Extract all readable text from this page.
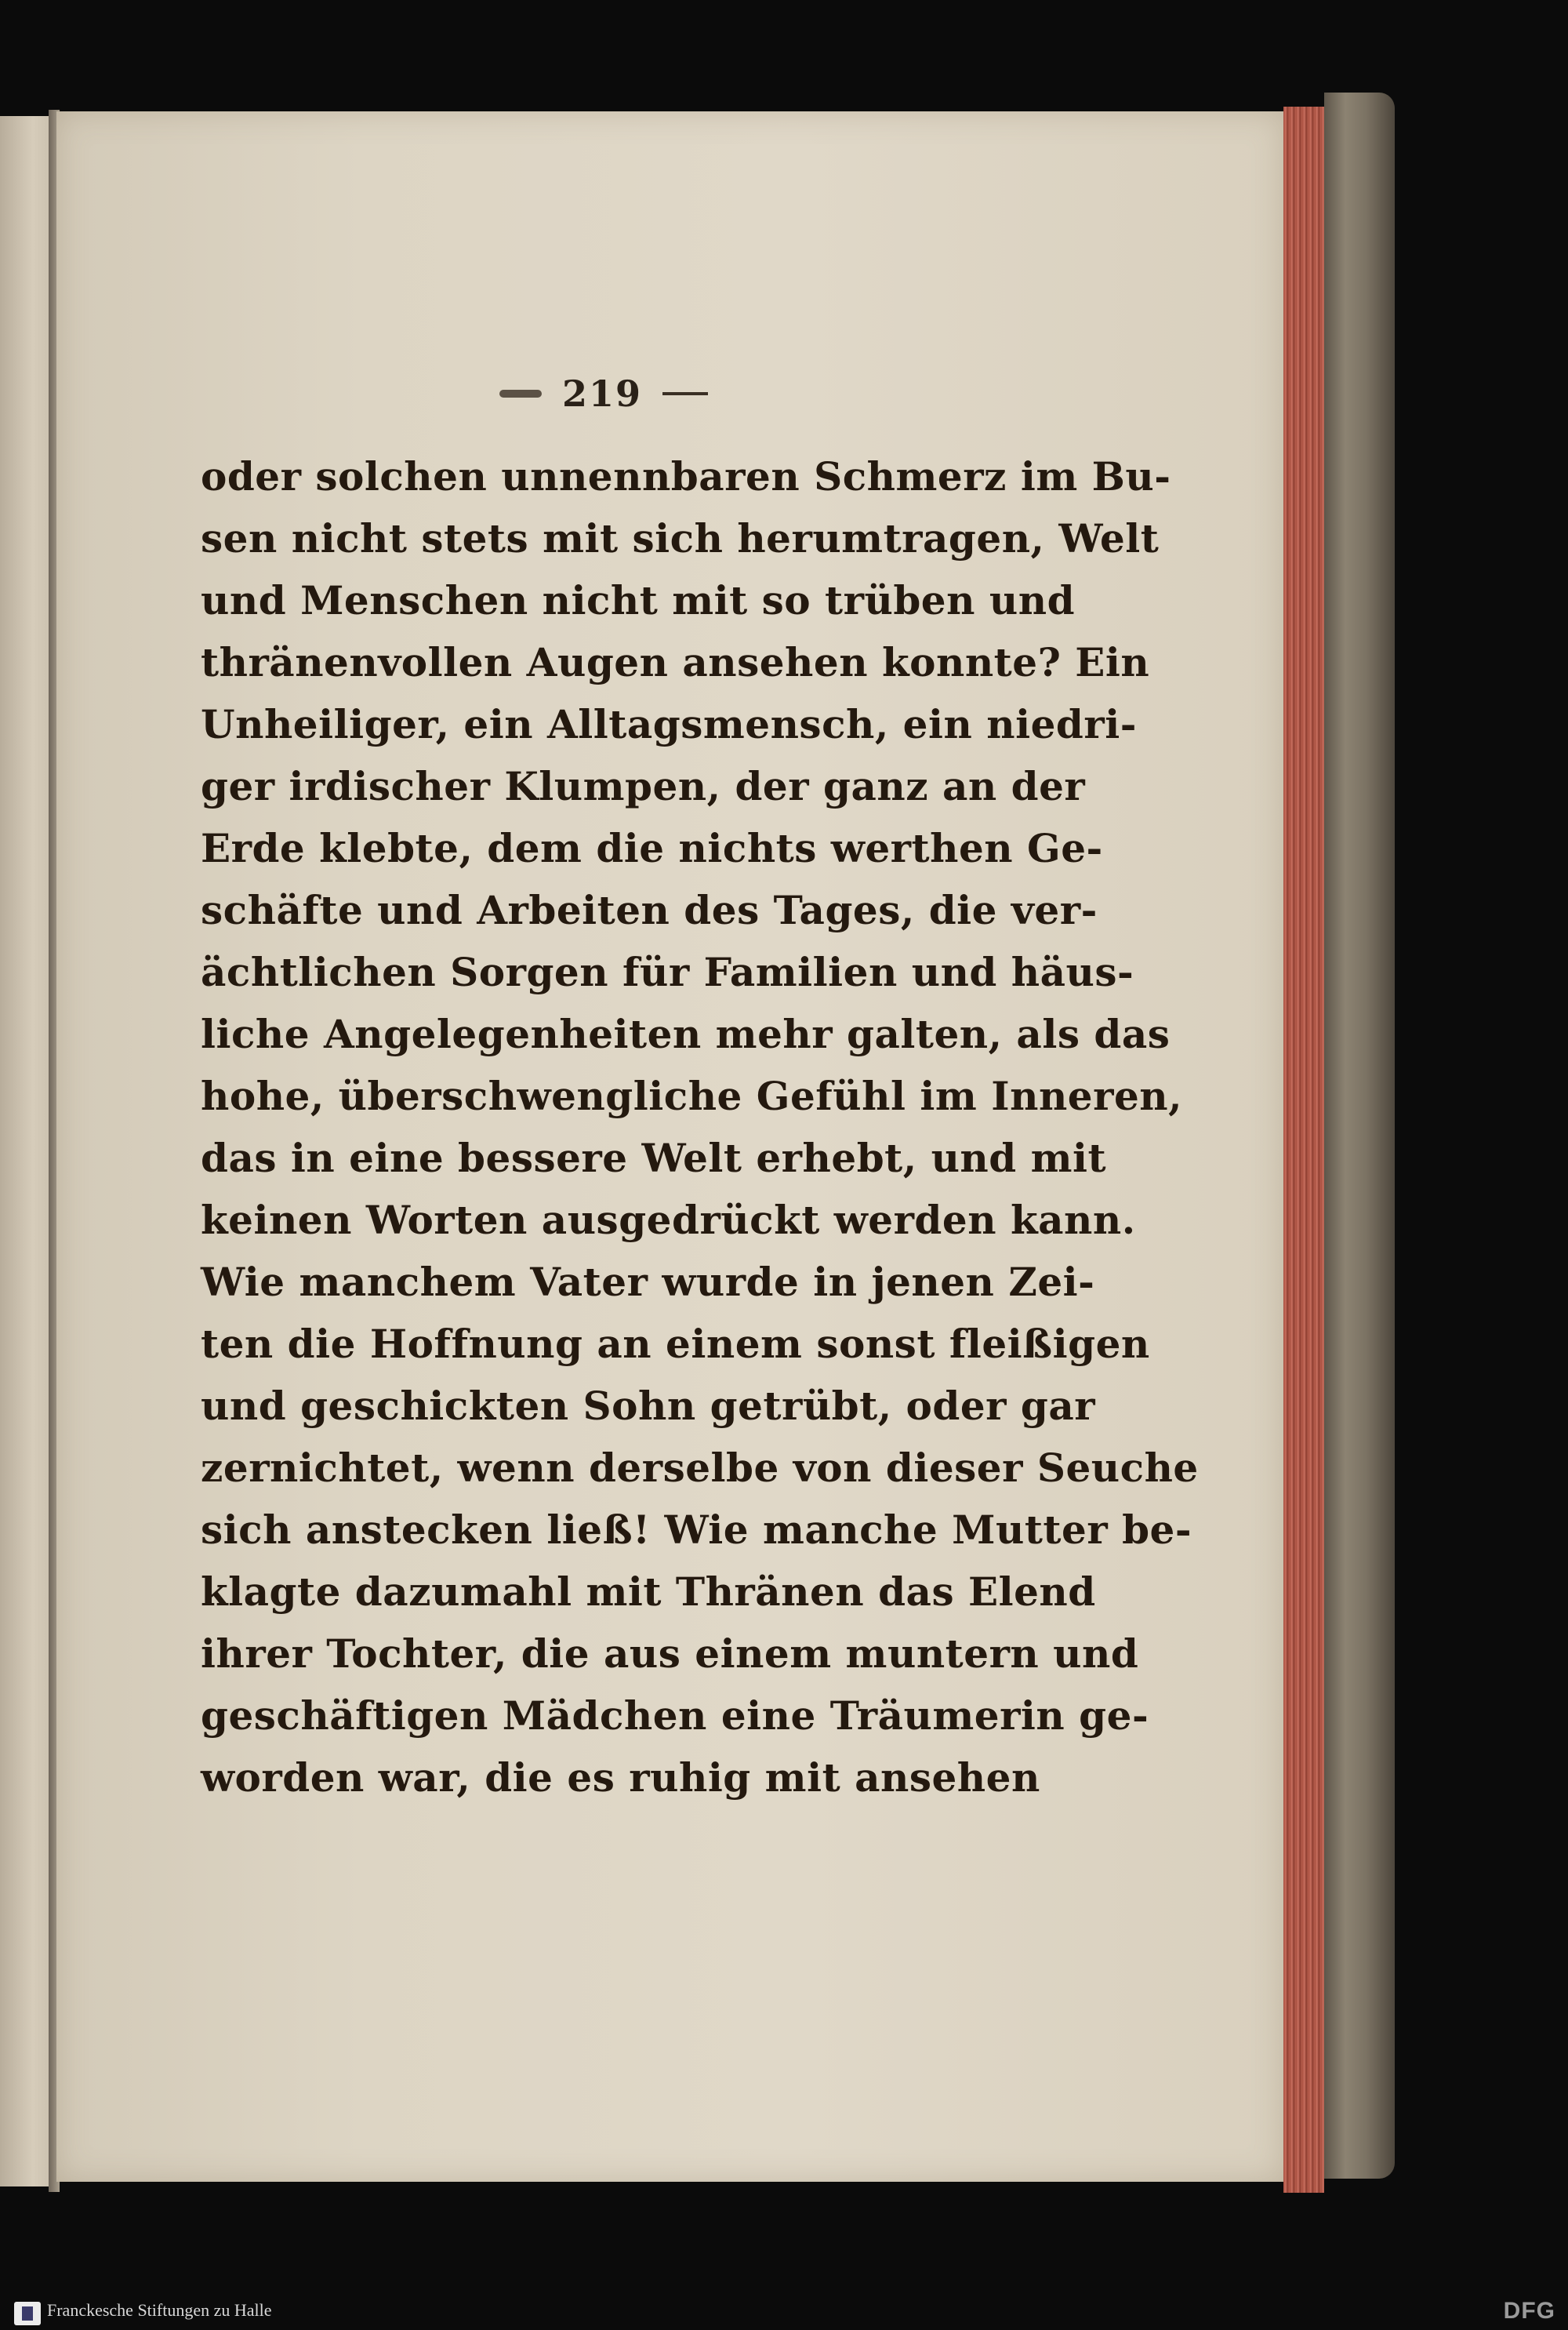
219
oder solchen unnennbaren Schmerz im Bu-
sen nicht stets mit sich herumtragen, Welt
und Menschen nicht mit so trüben und
thränenvollen Augen ansehen konnte? Ein
Unheiliger, ein Alltagsmensch, ein niedri-
ger irdischer Klumpen, der ganz an der
Erde klebte, dem die nichts werthen Ge-
schäfte und Arbeiten des Tages, die ver-
ächtlichen Sorgen für Familien und häus-
liche Angelegenheiten mehr galten, als das
hohe, überschwengliche Gefühl im Inneren,
das in eine bessere Welt erhebt, und mit
keinen Worten ausgedrückt werden kann.
Wie manchem Vater wurde in jenen Zei-
ten die Hoffnung an einem sonst fleißigen
und geschickten Sohn getrübt, oder gar
zernichtet, wenn derselbe von dieser Seuche
sich anstecken ließ! Wie manche Mutter be-
klagte dazumahl mit Thränen das Elend
ihrer Tochter, die aus einem muntern und
geschäftigen Mädchen eine Träumerin ge-
worden war, die es ruhig mit ansehen
Franckesche Stiftungen zu Halle	DFG
